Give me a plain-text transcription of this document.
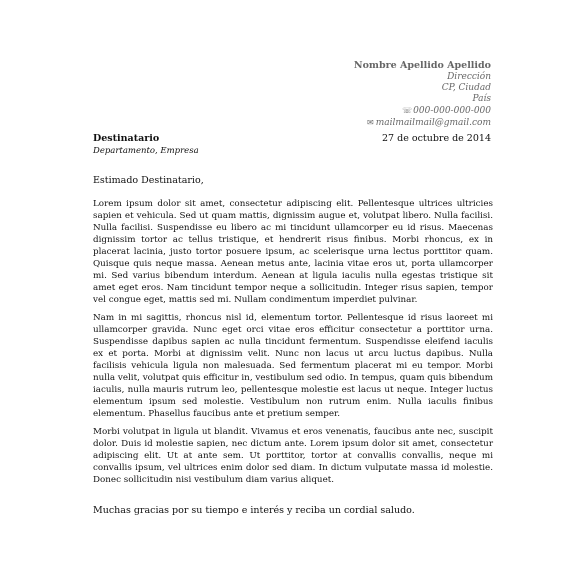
Nombre Apellido Apellido
Dirección
CP, Ciudad
País
☏000-000-000-000
✉ mailmailmail@gmail.com
Destinatario
Departamento, Empresa
27 de octubre de 2014
Estimado Destinatario,

Lorem ipsum dolor sit amet, consectetur adipiscing elit. Pellentesque ultrices ultricies sapien et vehicula. Sed ut quam mattis, dignissim augue et, volutpat libero. Nulla facilisi. Nulla facilisi. Suspendisse eu libero ac mi tincidunt ullamcorper eu id risus. Maecenas dignissim tortor ac tellus tristique, et hendrerit risus finibus. Morbi rhoncus, ex in placerat lacinia, justo tortor posuere ipsum, ac scelerisque urna lectus porttitor quam. Quisque quis neque massa. Aenean metus ante, lacinia vitae eros ut, porta ullamcorper mi. Sed varius bibendum interdum. Aenean at ligula iaculis nulla egestas tristique sit amet eget eros. Nam tincidunt tempor neque a sollicitudin. Integer risus sapien, tempor vel congue eget, mattis sed mi. Nullam condimentum imperdiet pulvinar.

Nam in mi sagittis, rhoncus nisl id, elementum tortor. Pellentesque id risus laoreet mi ullamcorper gravida. Nunc eget orci vitae eros efficitur consectetur a porttitor urna. Suspendisse dapibus sapien ac nulla tincidunt fermentum. Suspendisse eleifend iaculis ex et porta. Morbi at dignissim velit. Nunc non lacus ut arcu luctus dapibus. Nulla facilisis vehicula ligula non malesuada. Sed fermentum placerat mi eu tempor. Morbi nulla velit, volutpat quis efficitur in, vestibulum sed odio. In tempus, quam quis bibendum iaculis, nulla mauris rutrum leo, pellentesque molestie est lacus ut neque. Integer luctus elementum ipsum sed molestie. Vestibulum non rutrum enim. Nulla iaculis finibus elementum. Phasellus faucibus ante et pretium semper.

Morbi volutpat in ligula ut blandit. Vivamus et eros venenatis, faucibus ante nec, suscipit dolor. Duis id molestie sapien, nec dictum ante. Lorem ipsum dolor sit amet, consectetur adipiscing elit. Ut at ante sem. Ut porttitor, tortor at convallis convallis, neque mi convallis ipsum, vel ultrices enim dolor sed diam. In dictum vulputate massa id molestie. Donec sollicitudin nisi vestibulum diam varius aliquet.

Muchas gracias por su tiempo e interés y reciba un cordial saludo.
